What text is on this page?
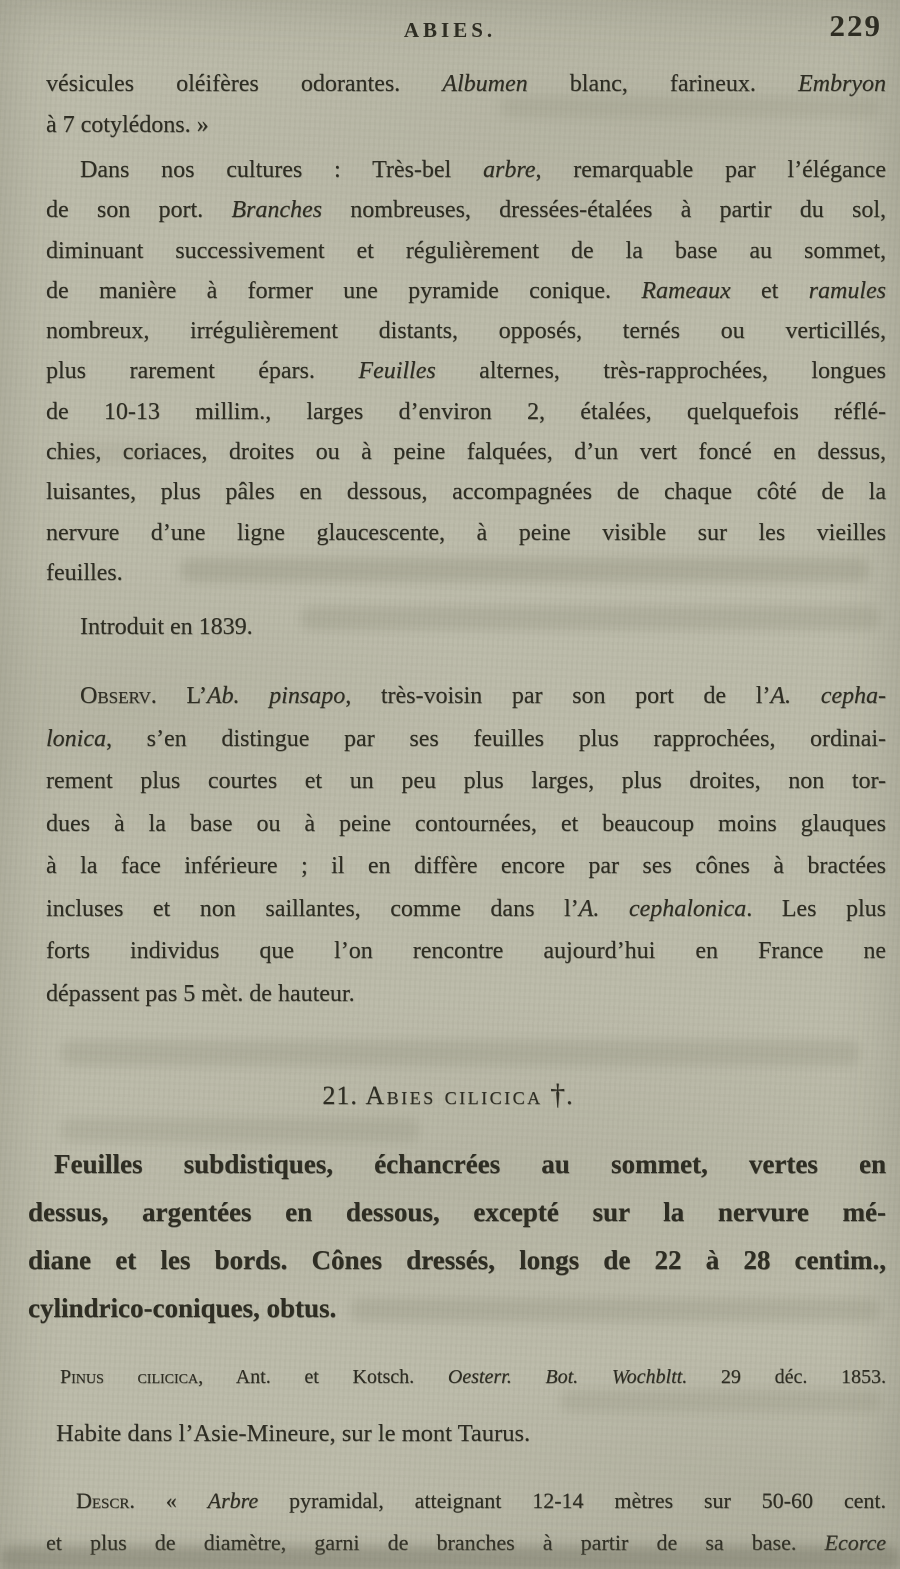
ABIES.	229
vésicules oléifères odorantes. Albumen blanc, farineux. Embryon
à 7 cotylédons. »
Dans nos cultures : Très-bel arbre, remarquable par l’élégance
de son port. Branches nombreuses, dressées-étalées à partir du sol,
diminuant successivement et régulièrement de la base au sommet,
de manière à former une pyramide conique. Rameaux et ramules
nombreux, irrégulièrement distants, opposés, ternés ou verticillés,
plus rarement épars. Feuilles alternes, très-rapprochées, longues
de 10-13 millim., larges d’environ 2, étalées, quelquefois réflé-
chies, coriaces, droites ou à peine falquées, d’un vert foncé en dessus,
luisantes, plus pâles en dessous, accompagnées de chaque côté de la
nervure d’une ligne glaucescente, à peine visible sur les vieilles
feuilles.
Introduit en 1839.
Observ. L’Ab. pinsapo, très-voisin par son port de l’A. cepha-
lonica, s’en distingue par ses feuilles plus rapprochées, ordinai-
rement plus courtes et un peu plus larges, plus droites, non tor-
dues à la base ou à peine contournées, et beaucoup moins glauques
à la face inférieure ; il en diffère encore par ses cônes à bractées
incluses et non saillantes, comme dans l’A. cephalonica. Les plus
forts individus que l’on rencontre aujourd’hui en France ne
dépassent pas 5 mèt. de hauteur.
21. Abies cilicica †.
Feuilles subdistiques, échancrées au sommet, vertes en
dessus, argentées en dessous, excepté sur la nervure mé-
diane et les bords. Cônes dressés, longs de 22 à 28 centim.,
cylindrico-coniques, obtus.
Pinus cilicica, Ant. et Kotsch. Oesterr. Bot. Wochbltt. 29 déc. 1853.
Habite dans l’Asie-Mineure, sur le mont Taurus.
Descr. « Arbre pyramidal, atteignant 12-14 mètres sur 50-60 cent.
et plus de diamètre, garni de branches à partir de sa base. Ecorce
